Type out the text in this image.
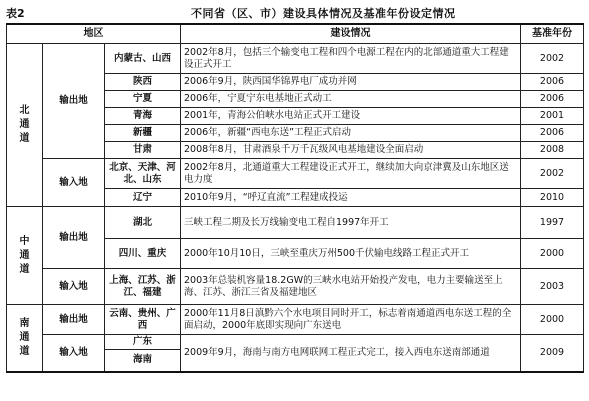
表2	不同省（区、市）建设具体情况及基准年份设定情况
地区			建设情况	基准年份
北通道	输出地	内蒙古、山西	2002年8月，包括三个输变电工程和四个电源工程在内的北部通道重大工程建设正式开工	2002
		陕西	2006年9月，陕西国华锦界电厂成功并网	2006
		宁夏	2006年，宁夏宁东电基地正式动工	2006
		青海	2001年，青海公伯峡水电站正式开工建设	2001
		新疆	2006年，新疆“西电东送”工程正式启动	2006
		甘肃	2008年8月，甘肃酒泉千万千瓦级风电基地建设全面启动	2008
	输入地	北京、天津、河北、山东	2002年8月，北通道重大工程建设正式开工，继续加大向京津冀及山东地区送电力度	2002
		辽宁	2010年9月，“呼辽直流”工程建成投运	2010
中通道	输出地	湖北	三峡工程二期及长万线输变电工程自1997年开工	1997
		四川、重庆	2000年10月10日，三峡至重庆万州500千伏输电线路工程正式开工	2000
	输入地	上海、江苏、浙江、福建	2003年总装机容量18.2GW的三峡水电站开始投产发电，电力主要输送至上海、江苏、浙江三省及福建地区	2003
南通道	输出地	云南、贵州、广西	2000年11月8日滇黔六个水电项目同时开工，标志着南通道西电东送工程的全面启动，2000年底即实现向广东送电	2000
	输入地	广东	2009年9月，海南与南方电网联网工程正式完工，接入西电东送南部通道	2009
		海南		
